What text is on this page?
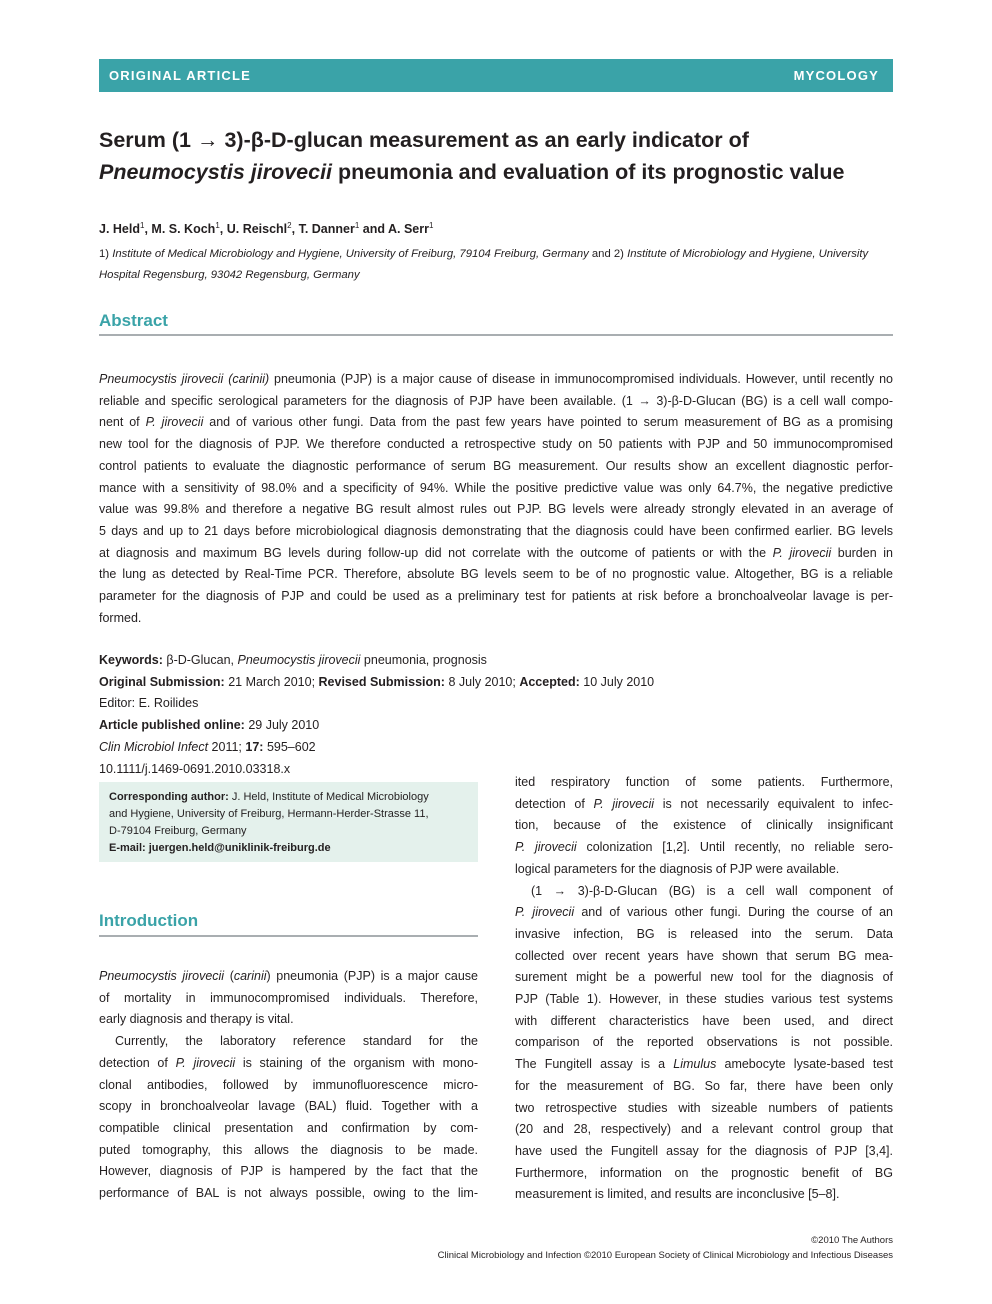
ORIGINAL ARTICLE	MYCOLOGY
Serum (1 → 3)-β-D-glucan measurement as an early indicator of
Pneumocystis jirovecii pneumonia and evaluation of its prognostic value
J. Held$^1$, M. S. Koch$^1$, U. Reischl$^2$, T. Danner$^1$ and A. Serr$^1$
1) Institute of Medical Microbiology and Hygiene, University of Freiburg, 79104 Freiburg, Germany and 2) Institute of Microbiology and Hygiene, University
Hospital Regensburg, 93042 Regensburg, Germany
Abstract
Pneumocystis jirovecii (carinii) pneumonia (PJP) is a major cause of disease in immunocompromised individuals. However, until recently no
reliable and specific serological parameters for the diagnosis of PJP have been available. (1 → 3)-β-D-Glucan (BG) is a cell wall compo-
nent of P. jirovecii and of various other fungi. Data from the past few years have pointed to serum measurement of BG as a promising
new tool for the diagnosis of PJP. We therefore conducted a retrospective study on 50 patients with PJP and 50 immunocompromised
control patients to evaluate the diagnostic performance of serum BG measurement. Our results show an excellent diagnostic perfor-
mance with a sensitivity of 98.0% and a specificity of 94%. While the positive predictive value was only 64.7%, the negative predictive
value was 99.8% and therefore a negative BG result almost rules out PJP. BG levels were already strongly elevated in an average of
5 days and up to 21 days before microbiological diagnosis demonstrating that the diagnosis could have been confirmed earlier. BG levels
at diagnosis and maximum BG levels during follow-up did not correlate with the outcome of patients or with the P. jirovecii burden in
the lung as detected by Real-Time PCR. Therefore, absolute BG levels seem to be of no prognostic value. Altogether, BG is a reliable
parameter for the diagnosis of PJP and could be used as a preliminary test for patients at risk before a bronchoalveolar lavage is per-
formed.
Keywords: β-D-Glucan, Pneumocystis jirovecii pneumonia, prognosis
Original Submission: 21 March 2010; Revised Submission: 8 July 2010; Accepted: 10 July 2010
Editor: E. Roilides
Article published online: 29 July 2010
Clin Microbiol Infect 2011; 17: 595–602
10.1111/j.1469-0691.2010.03318.x
Corresponding author: J. Held, Institute of Medical Microbiology
and Hygiene, University of Freiburg, Hermann-Herder-Strasse 11,
D-79104 Freiburg, Germany
E-mail: juergen.held@uniklinik-freiburg.de
Introduction
Pneumocystis jirovecii (carinii) pneumonia (PJP) is a major cause
of mortality in immunocompromised individuals. Therefore,
early diagnosis and therapy is vital.
Currently, the laboratory reference standard for the
detection of P. jirovecii is staining of the organism with mono-
clonal antibodies, followed by immunofluorescence micro-
scopy in bronchoalveolar lavage (BAL) fluid. Together with a
compatible clinical presentation and confirmation by com-
puted tomography, this allows the diagnosis to be made.
However, diagnosis of PJP is hampered by the fact that the
performance of BAL is not always possible, owing to the lim-
ited respiratory function of some patients. Furthermore,
detection of P. jirovecii is not necessarily equivalent to infec-
tion, because of the existence of clinically insignificant
P. jirovecii colonization [1,2]. Until recently, no reliable sero-
logical parameters for the diagnosis of PJP were available.
(1 → 3)-β-D-Glucan (BG) is a cell wall component of
P. jirovecii and of various other fungi. During the course of an
invasive infection, BG is released into the serum. Data
collected over recent years have shown that serum BG mea-
surement might be a powerful new tool for the diagnosis of
PJP (Table 1). However, in these studies various test systems
with different characteristics have been used, and direct
comparison of the reported observations is not possible.
The Fungitell assay is a Limulus amebocyte lysate-based test
for the measurement of BG. So far, there have been only
two retrospective studies with sizeable numbers of patients
(20 and 28, respectively) and a relevant control group that
have used the Fungitell assay for the diagnosis of PJP [3,4].
Furthermore, information on the prognostic benefit of BG
measurement is limited, and results are inconclusive [5–8].
©2010 The Authors
Clinical Microbiology and Infection ©2010 European Society of Clinical Microbiology and Infectious Diseases
